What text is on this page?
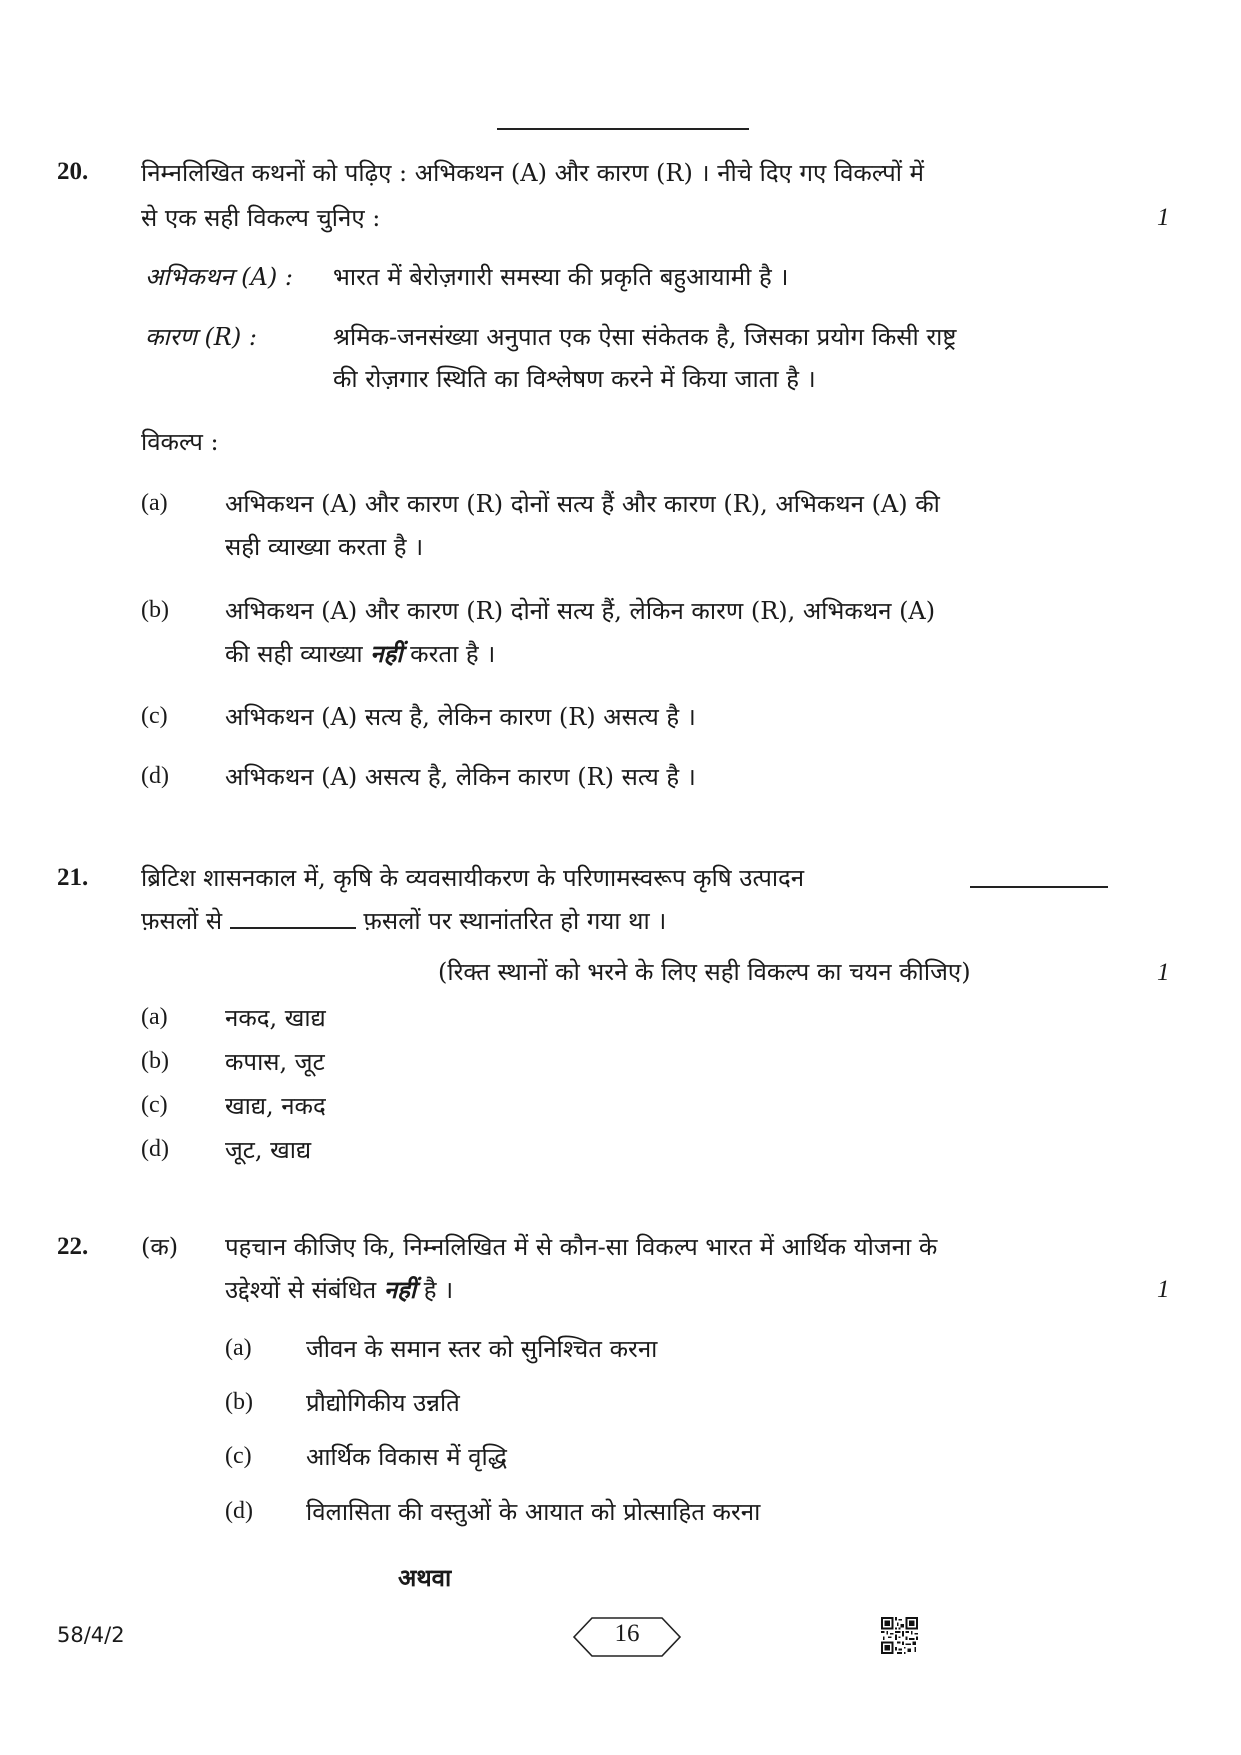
20. निम्नलिखित कथनों को पढ़िए : अभिकथन (A) और कारण (R) । नीचे दिए गए विकल्पों में
से एक सही विकल्प चुनिए :	1
अभिकथन (A) : भारत में बेरोज़गारी समस्या की प्रकृति बहुआयामी है ।
कारण (R) :	श्रमिक-जनसंख्या अनुपात एक ऐसा संकेतक है, जिसका प्रयोग किसी राष्ट्र
की रोज़गार स्थिति का विश्लेषण करने में किया जाता है ।
विकल्प :
(a) अभिकथन (A) और कारण (R) दोनों सत्य हैं और कारण (R), अभिकथन (A) की
सही व्याख्या करता है ।
(b) अभिकथन (A) और कारण (R) दोनों सत्य हैं, लेकिन कारण (R), अभिकथन (A)
की सही व्याख्या नहीं करता है ।
(c) अभिकथन (A) सत्य है, लेकिन कारण (R) असत्य है ।
(d) अभिकथन (A) असत्य है, लेकिन कारण (R) सत्य है ।
21. ब्रिटिश शासनकाल में, कृषि के व्यवसायीकरण के परिणामस्वरूप कृषि उत्पादन
फ़सलों से	फ़सलों पर स्थानांतरित हो गया था ।
(रिक्त स्थानों को भरने के लिए सही विकल्प का चयन कीजिए)	1
(a) नकद, खाद्य
(b) कपास, जूट
(c) खाद्य, नकद
(d) जूट, खाद्य
22. (क) पहचान कीजिए कि, निम्नलिखित में से कौन-सा विकल्प भारत में आर्थिक योजना के
उद्देश्यों से संबंधित नहीं है ।	1
(a) जीवन के समान स्तर को सुनिश्चित करना
(b) प्रौद्योगिकीय उन्नति
(c) आर्थिक विकास में वृद्धि
(d) विलासिता की वस्तुओं के आयात को प्रोत्साहित करना
अथवा
58/4/2	16
